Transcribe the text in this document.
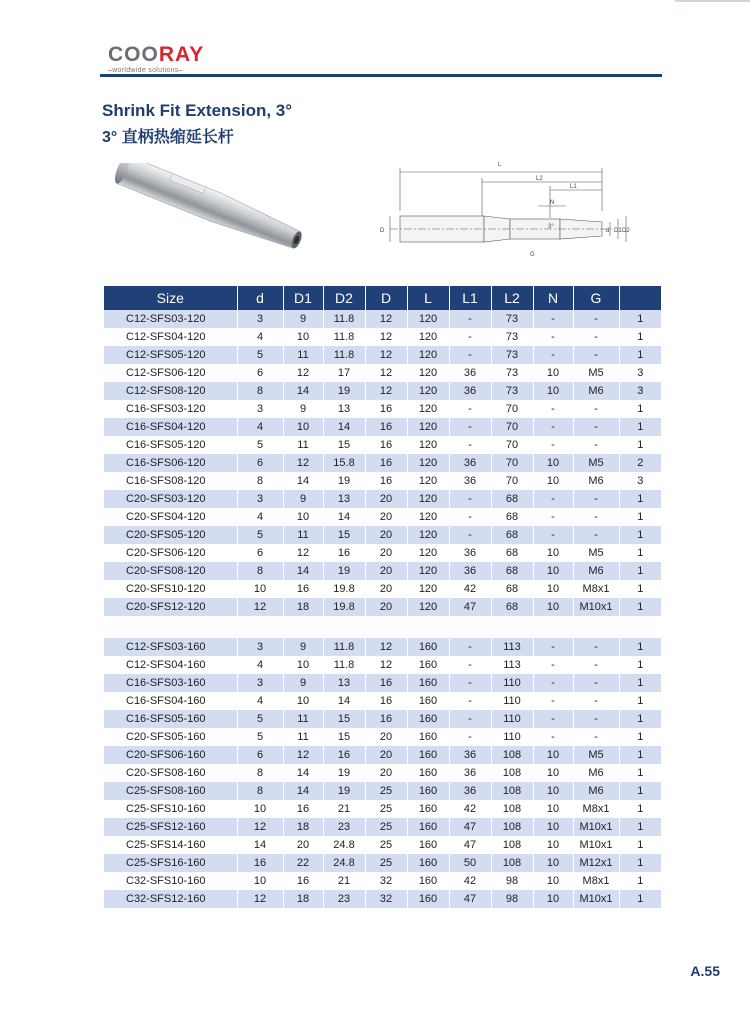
COORAY
–worldwide solutions–
Shrink Fit Extension, 3°
3° 直柄热缩延长杆
L
L2
L1
N
3°
D	d D1 D2
G
Size	d	D1	D2	D	L	L1	L2	N	G	
C12-SFS03-120	3	9	11.8	12	120	-	73	-	-	1
C12-SFS04-120	4	10	11.8	12	120	-	73	-	-	1
C12-SFS05-120	5	11	11.8	12	120	-	73	-	-	1
C12-SFS06-120	6	12	17	12	120	36	73	10	M5	3
C12-SFS08-120	8	14	19	12	120	36	73	10	M6	3
C16-SFS03-120	3	9	13	16	120	-	70	-	-	1
C16-SFS04-120	4	10	14	16	120	-	70	-	-	1
C16-SFS05-120	5	11	15	16	120	-	70	-	-	1
C16-SFS06-120	6	12	15.8	16	120	36	70	10	M5	2
C16-SFS08-120	8	14	19	16	120	36	70	10	M6	3
C20-SFS03-120	3	9	13	20	120	-	68	-	-	1
C20-SFS04-120	4	10	14	20	120	-	68	-	-	1
C20-SFS05-120	5	11	15	20	120	-	68	-	-	1
C20-SFS06-120	6	12	16	20	120	36	68	10	M5	1
C20-SFS08-120	8	14	19	20	120	36	68	10	M6	1
C20-SFS10-120	10	16	19.8	20	120	42	68	10	M8x1	1
C20-SFS12-120	12	18	19.8	20	120	47	68	10	M10x1	1

C12-SFS03-160	3	9	11.8	12	160	-	113	-	-	1
C12-SFS04-160	4	10	11.8	12	160	-	113	-	-	1
C16-SFS03-160	3	9	13	16	160	-	110	-	-	1
C16-SFS04-160	4	10	14	16	160	-	110	-	-	1
C16-SFS05-160	5	11	15	16	160	-	110	-	-	1
C20-SFS05-160	5	11	15	20	160	-	110	-	-	1
C20-SFS06-160	6	12	16	20	160	36	108	10	M5	1
C20-SFS08-160	8	14	19	20	160	36	108	10	M6	1
C25-SFS08-160	8	14	19	25	160	36	108	10	M6	1
C25-SFS10-160	10	16	21	25	160	42	108	10	M8x1	1
C25-SFS12-160	12	18	23	25	160	47	108	10	M10x1	1
C25-SFS14-160	14	20	24.8	25	160	47	108	10	M10x1	1
C25-SFS16-160	16	22	24.8	25	160	50	108	10	M12x1	1
C32-SFS10-160	10	16	21	32	160	42	98	10	M8x1	1
C32-SFS12-160	12	18	23	32	160	47	98	10	M10x1	1
A.55
